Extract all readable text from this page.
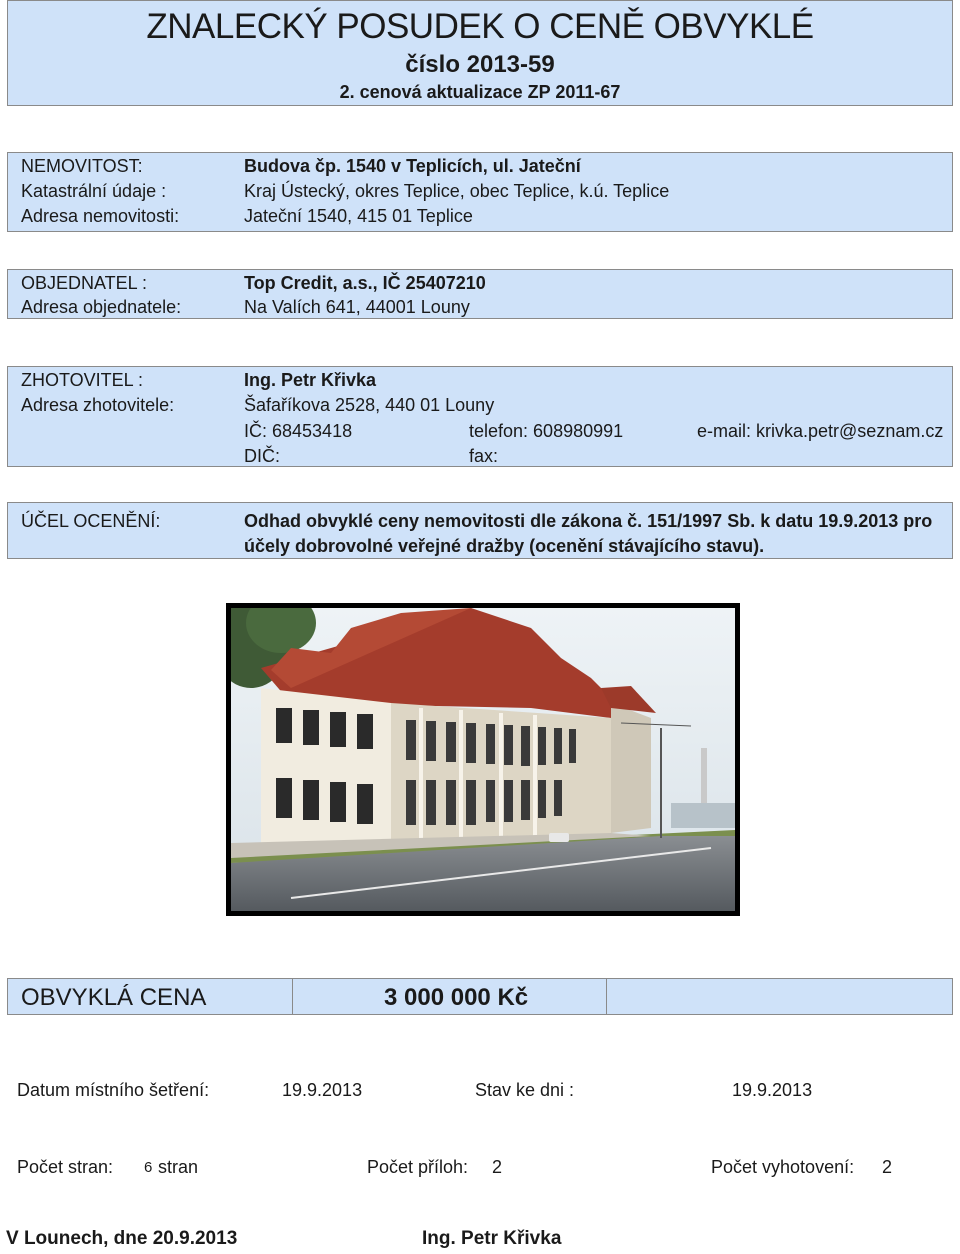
ZNALECKÝ POSUDEK O CENĚ OBVYKLÉ
číslo 2013-59
2. cenová aktualizace ZP 2011-67
NEMOVITOST:	Budova čp. 1540 v Teplicích, ul. Jateční
Katastrální údaje :	Kraj Ústecký, okres Teplice, obec Teplice, k.ú. Teplice
Adresa nemovitosti:	Jateční 1540, 415 01 Teplice
OBJEDNATEL :	Top Credit, a.s., IČ 25407210
Adresa objednatele:	Na Valích 641, 44001 Louny
ZHOTOVITEL :	Ing. Petr Křivka
Adresa zhotovitele:	Šafaříkova 2528, 440 01 Louny
IČ: 68453418	telefon: 608980991	e-mail: krivka.petr@seznam.cz
DIČ:	fax:
ÚČEL OCENĚNÍ:	Odhad obvyklé ceny nemovitosti dle zákona č. 151/1997 Sb. k datu 19.9.2013 pro
účely dobrovolné veřejné dražby (ocenění stávajícího stavu).
OBVYKLÁ CENA	3 000 000 Kč
Datum místního šetření:	19.9.2013	Stav ke dni :	19.9.2013
Počet stran: 6 stran	Počet příloh: 2	Počet vyhotovení: 2
V Lounech, dne 20.9.2013	Ing. Petr Křivka
